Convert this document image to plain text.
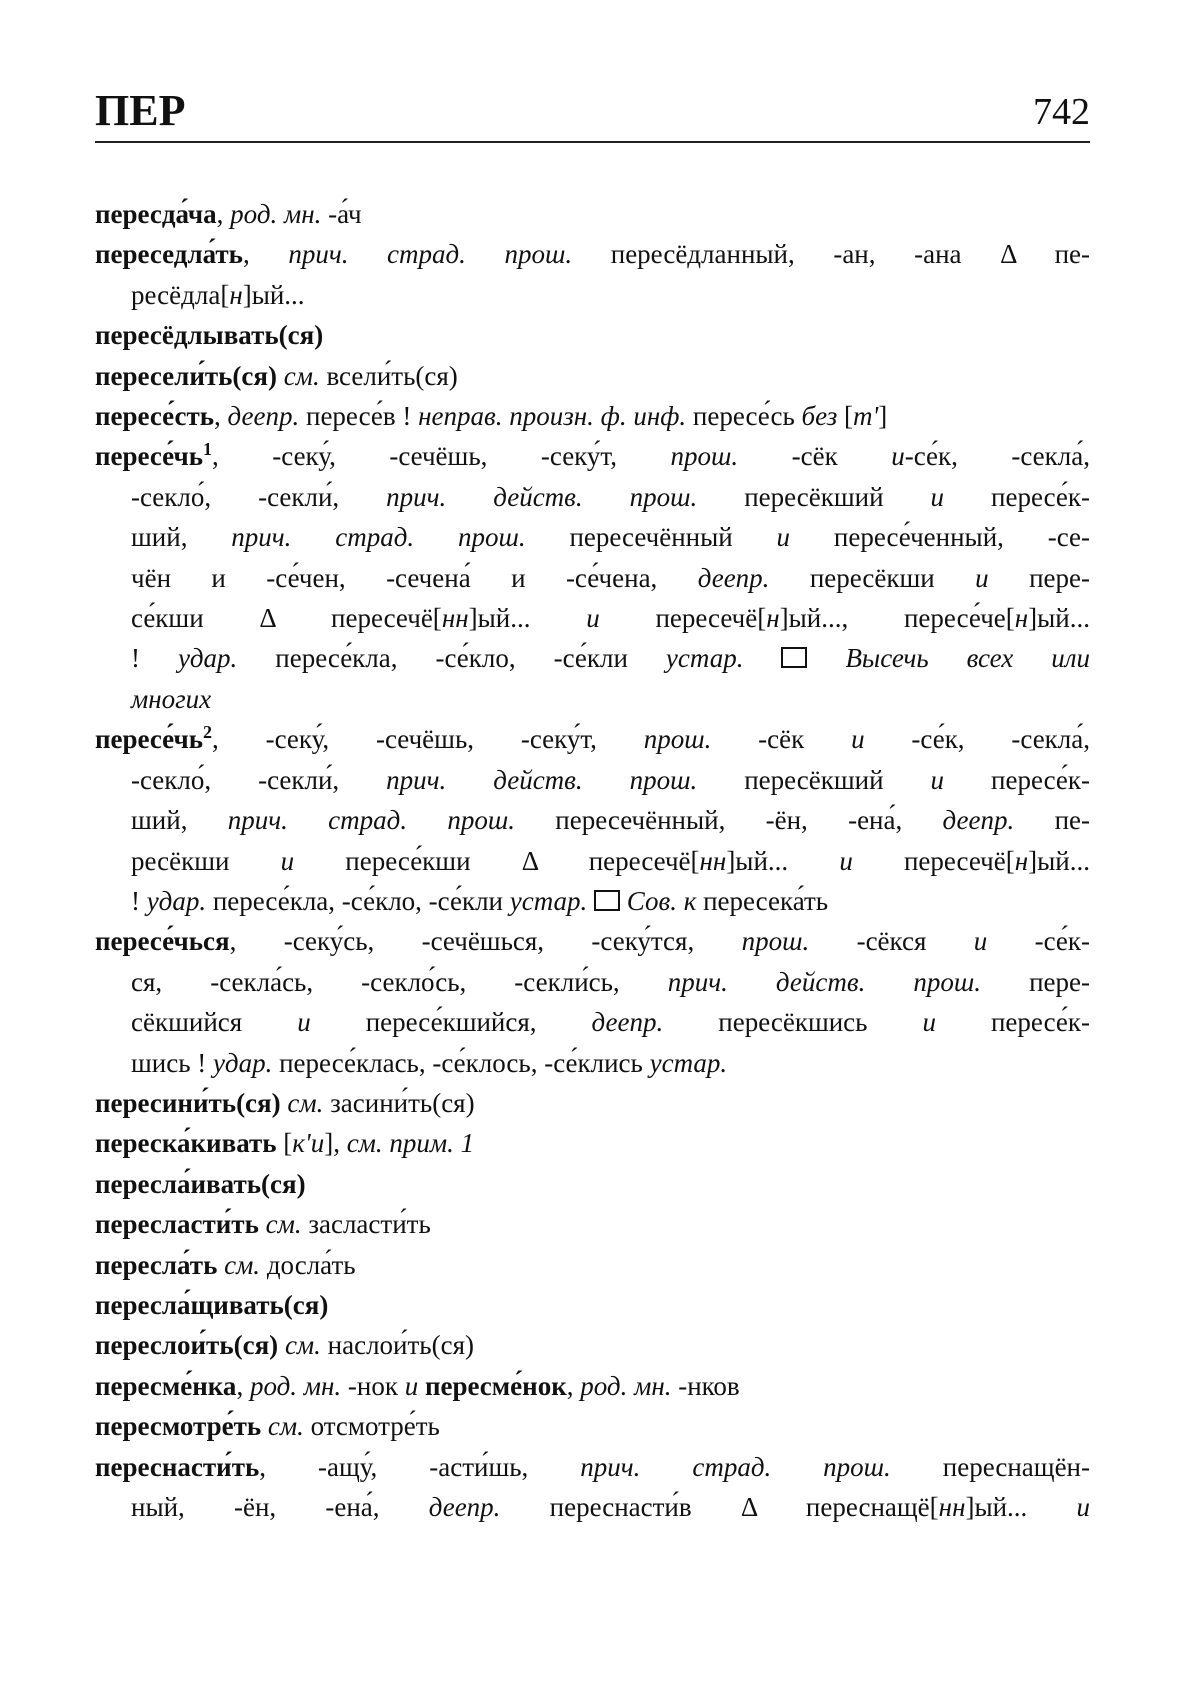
ПЕР	742
пересда́ча, род. мн. -а́ч
переседла́ть, прич. страд. прош. пересёдланный, -ан, -ана Δ пе-
ресёдла[н]ый...
пересёдлывать(ся)
пересели́ть(ся) см. всели́ть(ся)
пересе́сть, деепр. пересе́в ! неправ. произн. ф. инф. пересе́сь без [т']
$пересе́чь^1$, -секу́, -сечёшь, -секу́т, прош. -сёк и-се́к, -секла́,
-секло́, -секли́, прич. действ. прош. пересёкший и пересе́к-
ший, прич. страд. прош. пересечённый и пересе́ченный, -се-
чён и -се́чен, -сечена́ и -се́чена, деепр. пересёкши и пере-
се́кши Δ пересечё[нн]ый... и пересечё[н]ый..., пересе́че[н]ый...
! удар. пересе́кла, -се́кло, -се́кли устар.  Высечь всех или
многих
$пересе́чь^2$, -секу́, -сечёшь, -секу́т, прош. -сёк и -се́к, -секла́,
-секло́, -секли́, прич. действ. прош. пересёкший и пересе́к-
ший, прич. страд. прош. пересечённый, -ён, -ена́, деепр. пе-
ресёкши и пересе́кши Δ пересечё[нн]ый... и пересечё[н]ый...
! удар. пересе́кла, -се́кло, -се́кли устар. Сов. к пересека́ть
пересе́чься, -секу́сь, -сечёшься, -секу́тся, прош. -сёкся и -се́к-
ся, -секла́сь, -секло́сь, -секли́сь, прич. действ. прош. пере-
сёкшийся и пересе́кшийся, деепр. пересёкшись и пересе́к-
шись ! удар. пересе́клась, -се́клось, -се́клись устар.
пересини́ть(ся) см. засини́ть(ся)
переска́кивать [к'и], см. прим. 1
пересла́ивать(ся)
пересласти́ть см. засласти́ть
пересла́ть см. досла́ть
пересла́щивать(ся)
переслои́ть(ся) см. наслои́ть(ся)
пересме́нка, род. мн. -нок и пересме́нок, род. мн. -нков
пересмотре́ть см. отсмотре́ть
переснасти́ть, -ащу́, -асти́шь, прич. страд. прош. переснащён-
ный, -ён, -ена́, деепр. переснасти́в Δ переснащё[нн]ый... и
